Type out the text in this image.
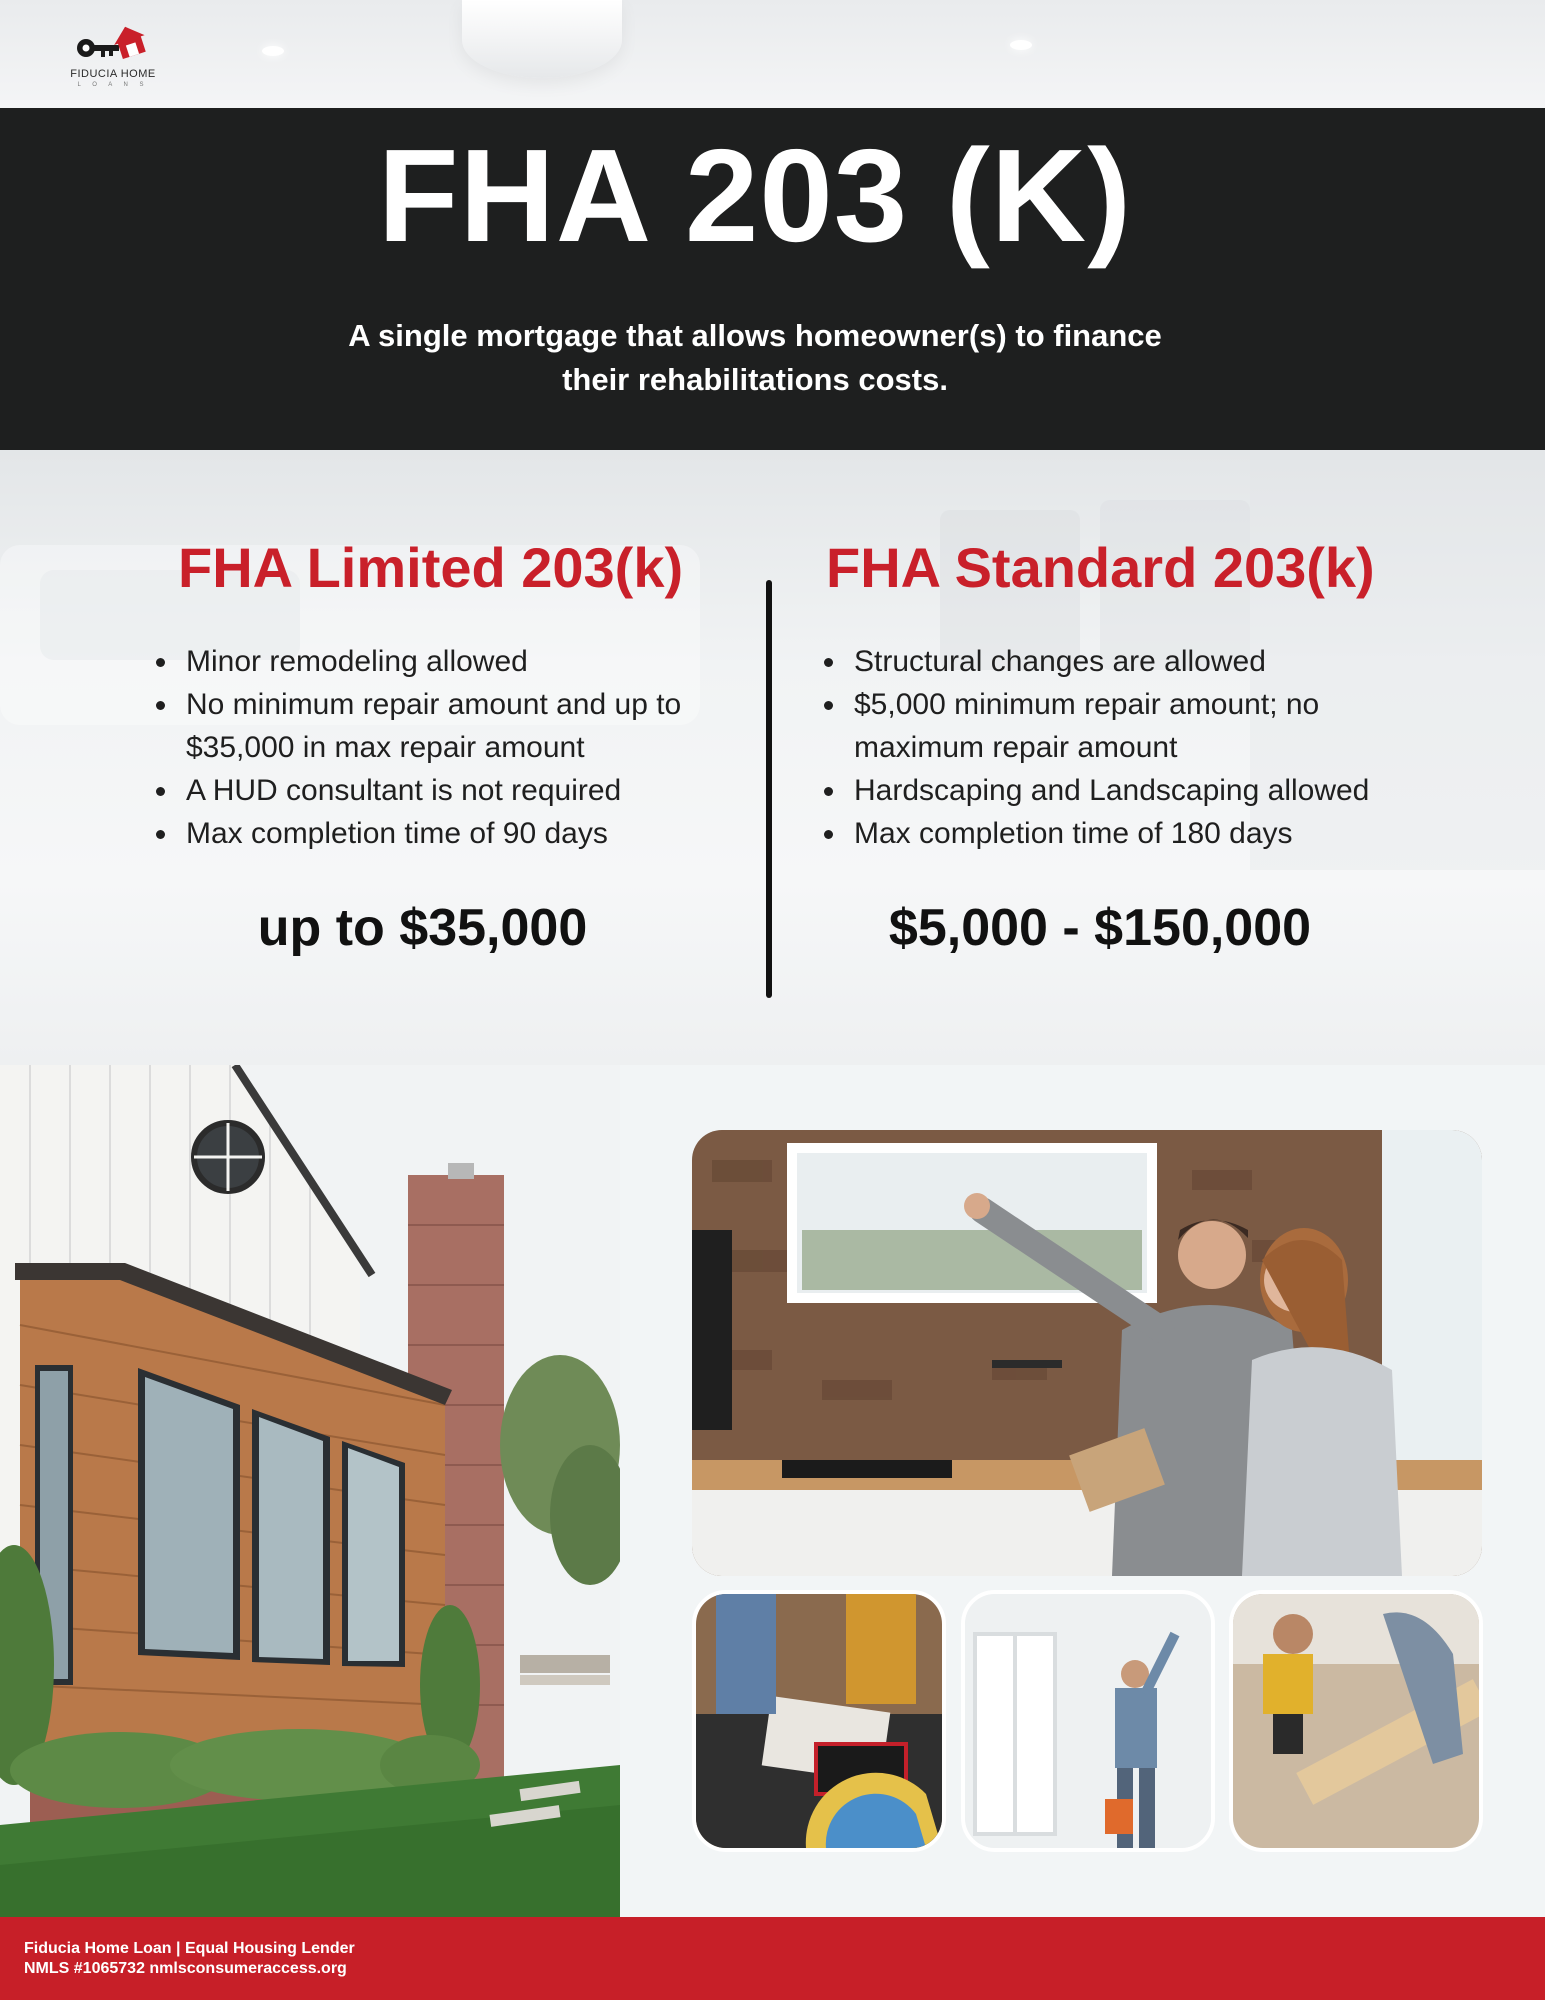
FIDUCIA HOME
L O A N S
FHA 203 (K)
A single mortgage that allows homeowner(s) to finance
their rehabilitations costs.
FHA Limited 203(k)
Minor remodeling allowed
No minimum repair amount and up to $35,000 in max repair amount
A HUD consultant is not required
Max completion time of 90 days
up to $35,000
FHA Standard 203(k)
Structural changes are allowed
$5,000 minimum repair amount; no maximum repair amount
Hardscaping and Landscaping allowed
Max completion time of 180 days
$5,000 - $150,000
Fiducia Home Loan | Equal Housing Lender
NMLS #1065732 nmlsconsumeraccess.org
